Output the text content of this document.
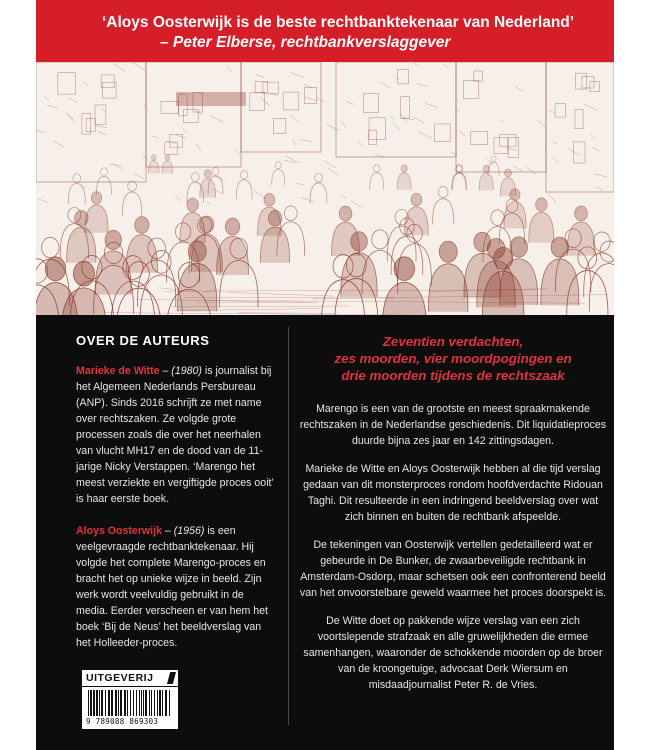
‘Aloys Oosterwijk is de beste rechtbanktekenaar van Nederland’
– Peter Elberse, rechtbankverslaggever
OVER DE AUTEURS

Marieke de Witte – (1980) is journalist bij het Algemeen Nederlands Persbureau (ANP). Sinds 2016 schrijft ze met name over rechtszaken. Ze volgde grote processen zoals die over het neerhalen van vlucht MH17 en de dood van de 11-jarige Nicky Verstappen. ‘Marengo het meest verziekte en vergiftigde proces ooit’ is haar eerste boek.

Aloys Oosterwijk – (1956) is een veelgevraagde rechtbanktekenaar. Hij volgde het complete Marengo-proces en bracht het op unieke wijze in beeld. Zijn werk wordt veelvuldig gebruikt in de media. Eerder verscheen er van hem het boek ‘Bij de Neus’ het beeldverslag van het Holleeder-proces.

Zeventien verdachten,
zes moorden, vier moordpogingen en
drie moorden tijdens de rechtszaak

Marengo is een van de grootste en meest spraakmakende rechtszaken in de Nederlandse geschiedenis. Dit liquidatieproces duurde bijna zes jaar en 142 zittingsdagen.

Marieke de Witte en Aloys Oosterwijk hebben al die tijd verslag gedaan van dit monsterproces rondom hoofdverdachte Ridouan Taghi. Dit resulteerde in een indringend beeldverslag over wat zich binnen en buiten de rechtbank afspeelde.

De tekeningen van Oosterwijk vertellen gedetailleerd wat er gebeurde in De Bunker, de zwaarbeveiligde rechtbank in Amsterdam-Osdorp, maar schetsen ook een confronterend beeld van het onvoorstelbare geweld waarmee het proces doorspekt is.

De Witte doet op pakkende wijze verslag van een zich voortslepende strafzaak en alle gruwelijkheden die ermee samenhangen, waaronder de schokkende moorden op de broer van de kroongetuige, advocaat Derk Wiersum en misdaadjournalist Peter R. de Vries.

UITGEVERIJ
9 789088 869303
